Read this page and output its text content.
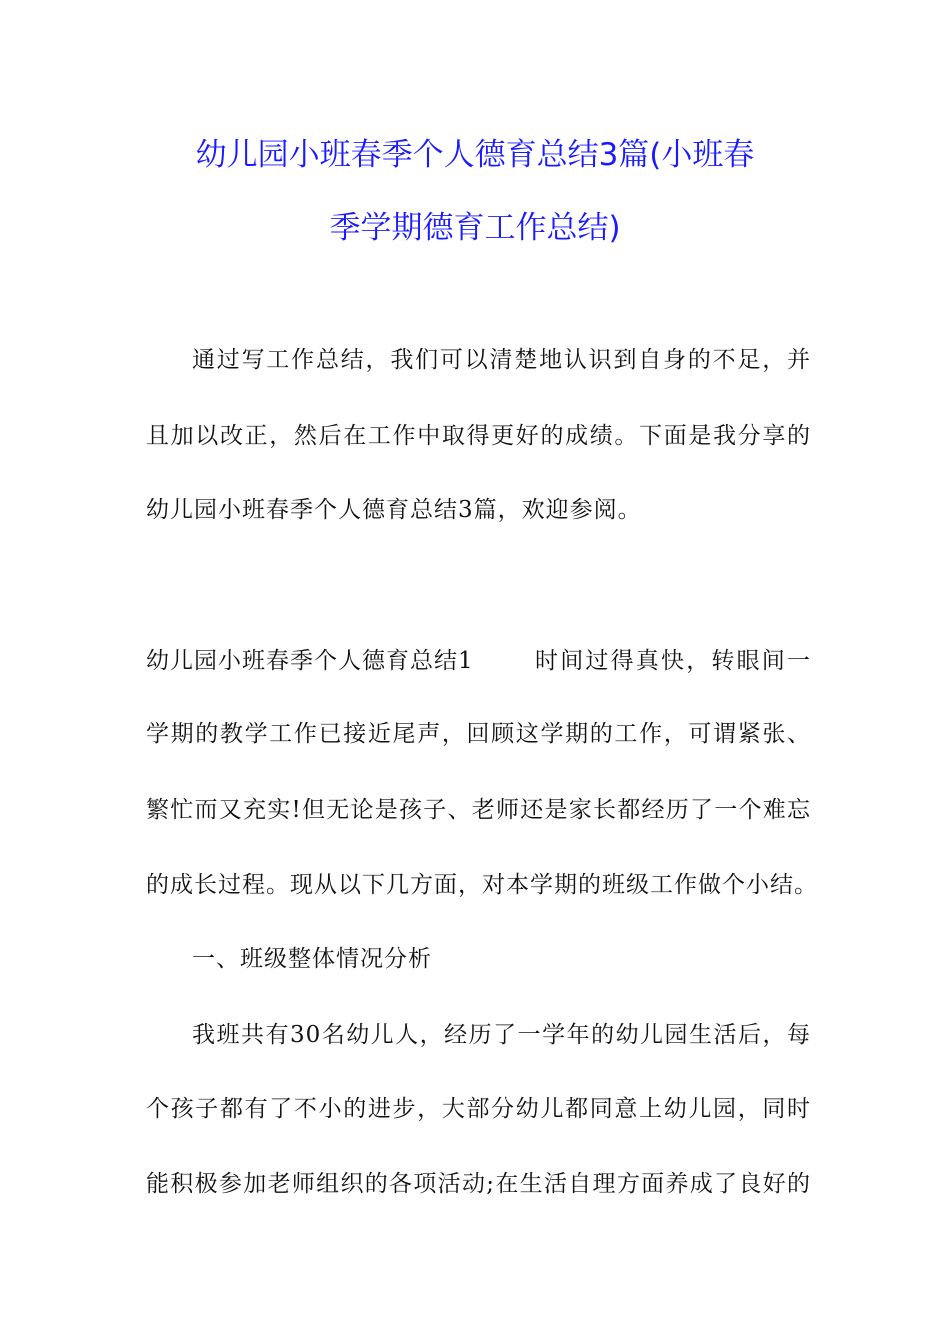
幼儿园小班春季个人德育总结3篇(小班春
季学期德育工作总结)

通过写工作总结，我们可以清楚地认识到自身的不足，并

且加以改正，然后在工作中取得更好的成绩。下面是我分享的

幼儿园小班春季个人德育总结3篇，欢迎参阅。

幼儿园小班春季个人德育总结1	时间过得真快，转眼间一

学期的教学工作已接近尾声，回顾这学期的工作，可谓紧张、

繁忙而又充实!但无论是孩子、老师还是家长都经历了一个难忘

的成长过程。现从以下几方面，对本学期的班级工作做个小结。

一、班级整体情况分析

我班共有30名幼儿人，经历了一学年的幼儿园生活后，每

个孩子都有了不小的进步，大部分幼儿都同意上幼儿园，同时

能积极参加老师组织的各项活动;在生活自理方面养成了良好的
